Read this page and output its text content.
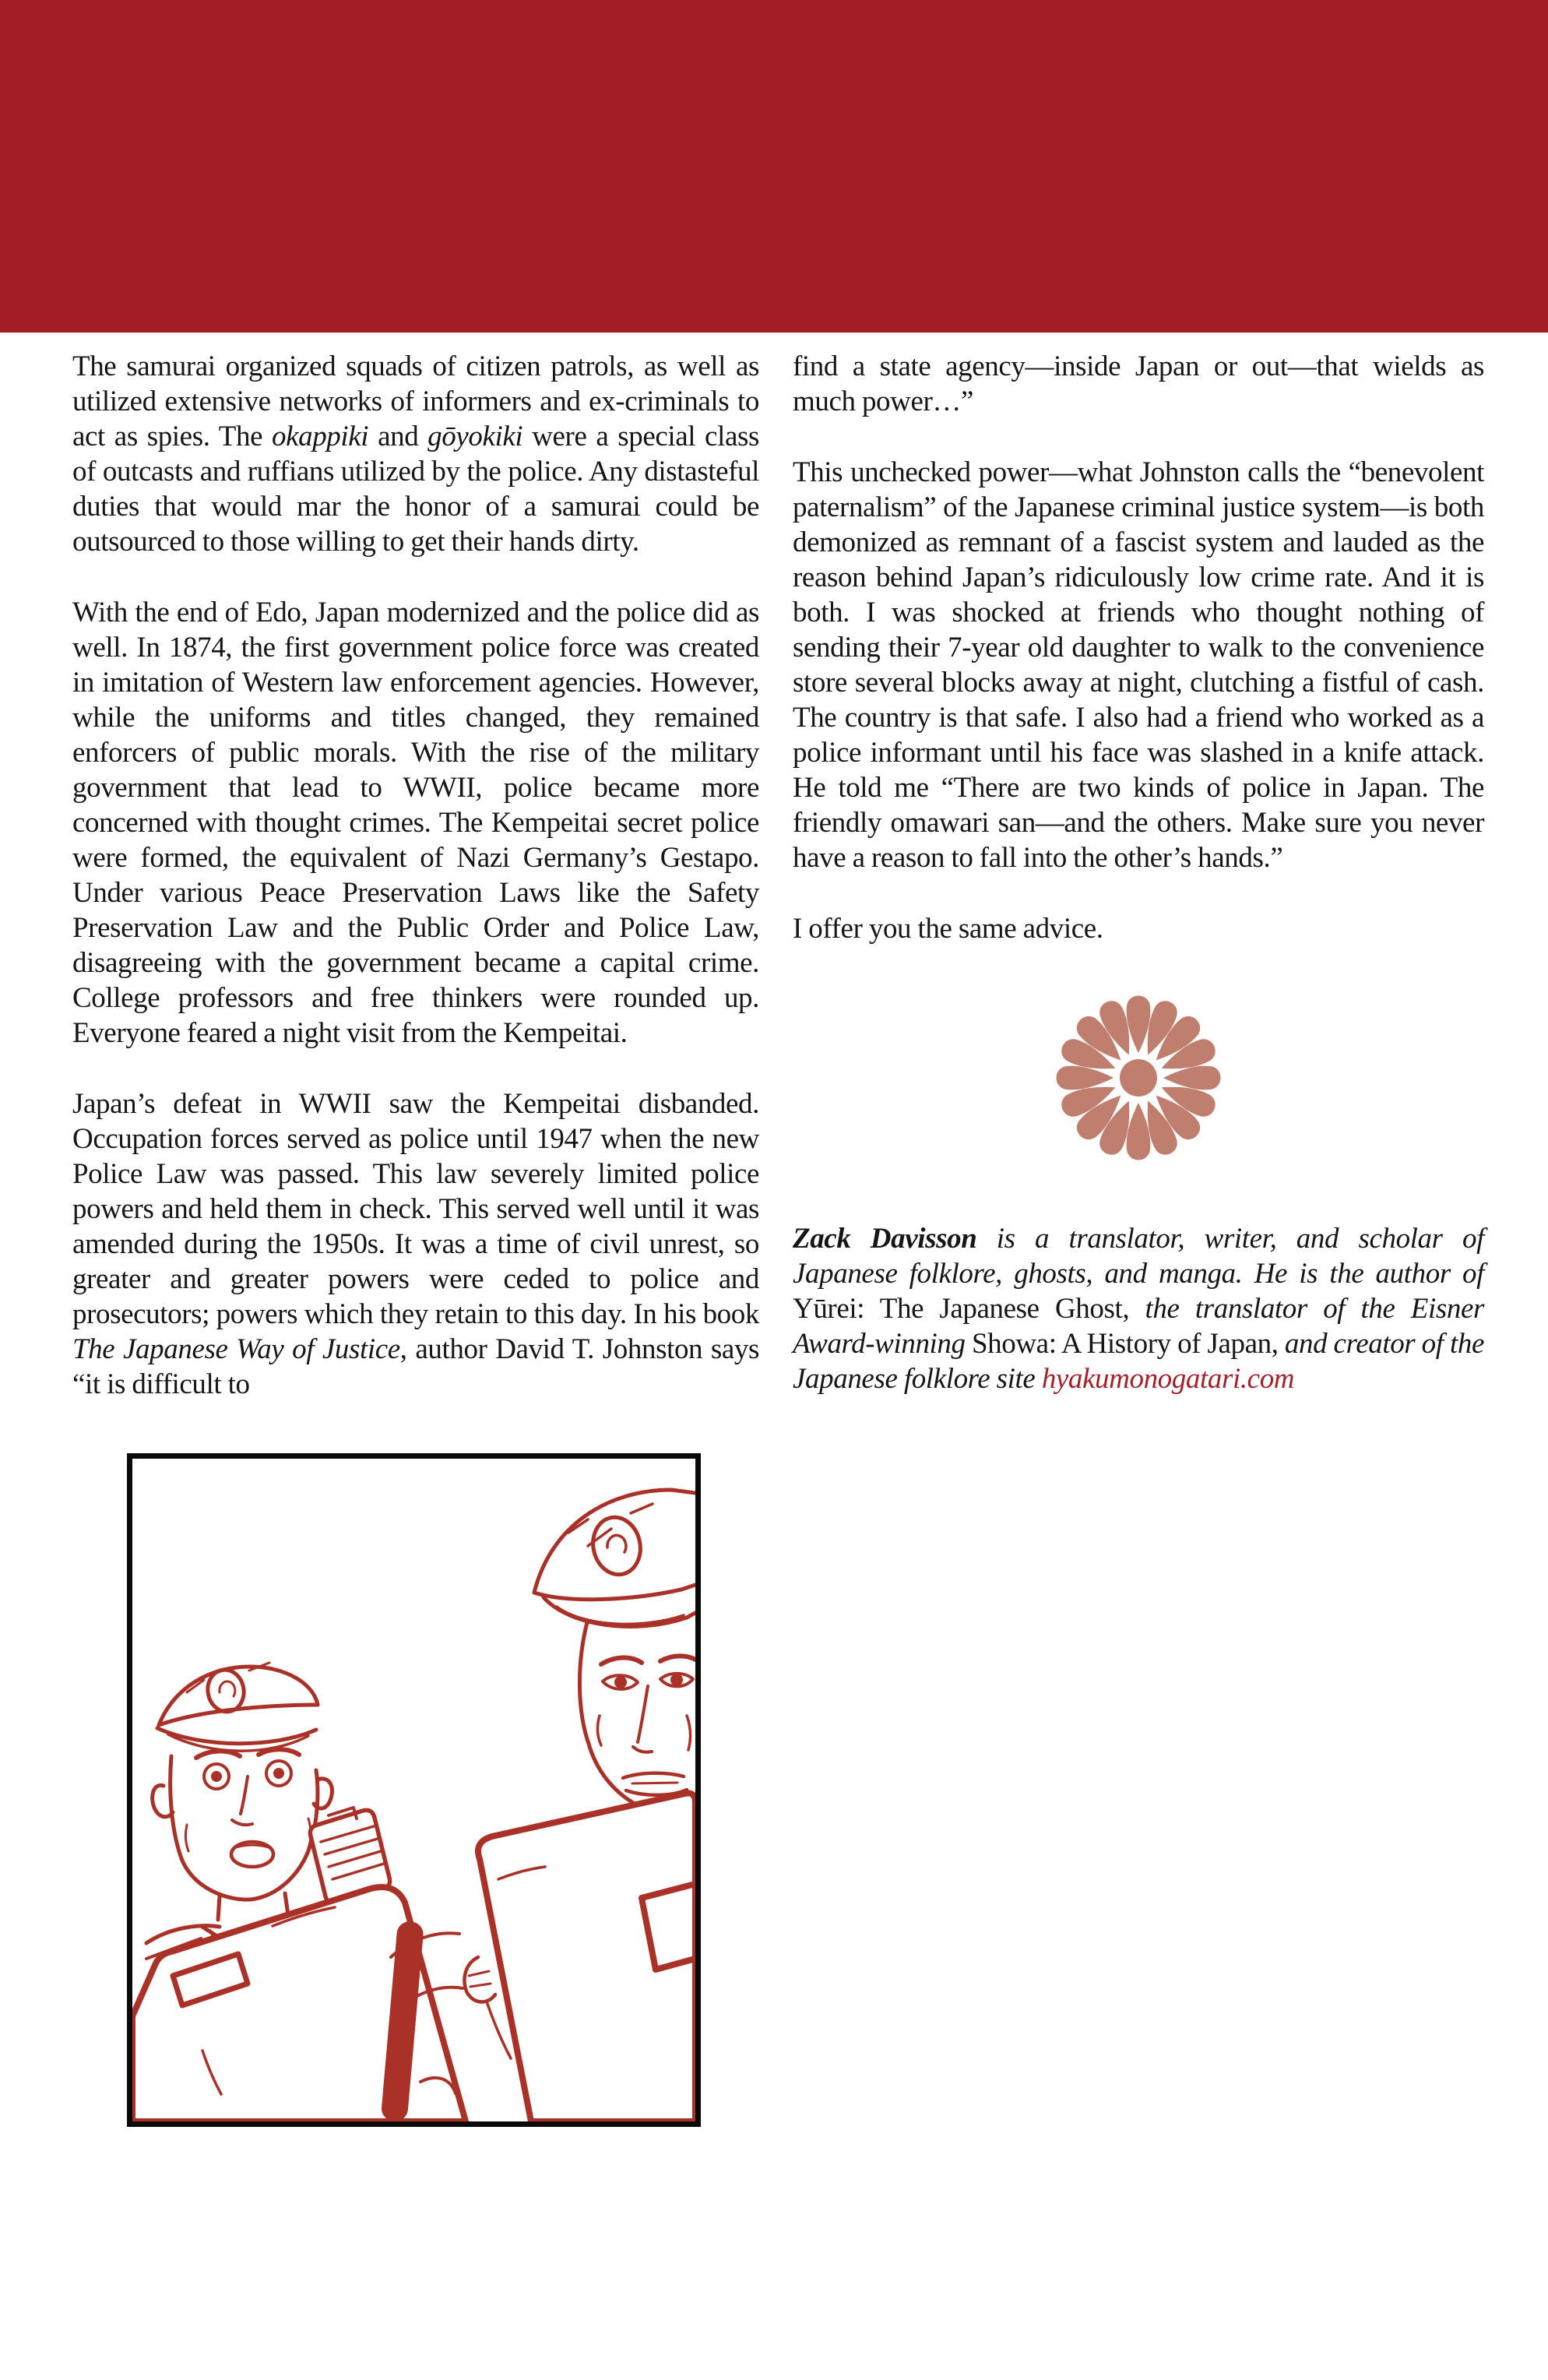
The samurai organized squads of citizen patrols, as well as utilized extensive networks of informers and ex-criminals to act as spies. The okappiki and gōyokiki were a special class of outcasts and ruffians utilized by the police. Any distasteful duties that would mar the honor of a samurai could be outsourced to those willing to get their hands dirty.

With the end of Edo, Japan modernized and the police did as well. In 1874, the first government police force was created in imitation of Western law enforcement agencies. However, while the uniforms and titles changed, they remained enforcers of public morals. With the rise of the military government that lead to WWII, police became more concerned with thought crimes. The Kempeitai secret police were formed, the equivalent of Nazi Germany’s Gestapo. Under various Peace Preservation Laws like the Safety Preservation Law and the Public Order and Police Law, disagreeing with the government became a capital crime. College professors and free thinkers were rounded up. Everyone feared a night visit from the Kempeitai.

Japan’s defeat in WWII saw the Kempeitai disbanded. Occupation forces served as police until 1947 when the new Police Law was passed. This law severely limited police powers and held them in check. This served well until it was amended during the 1950s. It was a time of civil unrest, so greater and greater powers were ceded to police and prosecutors; powers which they retain to this day. In his book The Japanese Way of Justice, author David T. Johnston says “it is difficult to

find a state agency—inside Japan or out—that wields as much power…”

This unchecked power—what Johnston calls the “benevolent paternalism” of the Japanese criminal justice system—is both demonized as remnant of a fascist system and lauded as the reason behind Japan’s ridiculously low crime rate. And it is both. I was shocked at friends who thought nothing of sending their 7-year old daughter to walk to the convenience store several blocks away at night, clutching a fistful of cash. The country is that safe. I also had a friend who worked as a police informant until his face was slashed in a knife attack. He told me “There are two kinds of police in Japan. The friendly omawari san—and the others. Make sure you never have a reason to fall into the other’s hands.”

I offer you the same advice.

Zack Davisson is a translator, writer, and scholar of Japanese folklore, ghosts, and manga. He is the author of Yūrei: The Japanese Ghost, the translator of the Eisner Award-winning Showa: A History of Japan, and creator of the Japanese folklore site hyakumonogatari.com
